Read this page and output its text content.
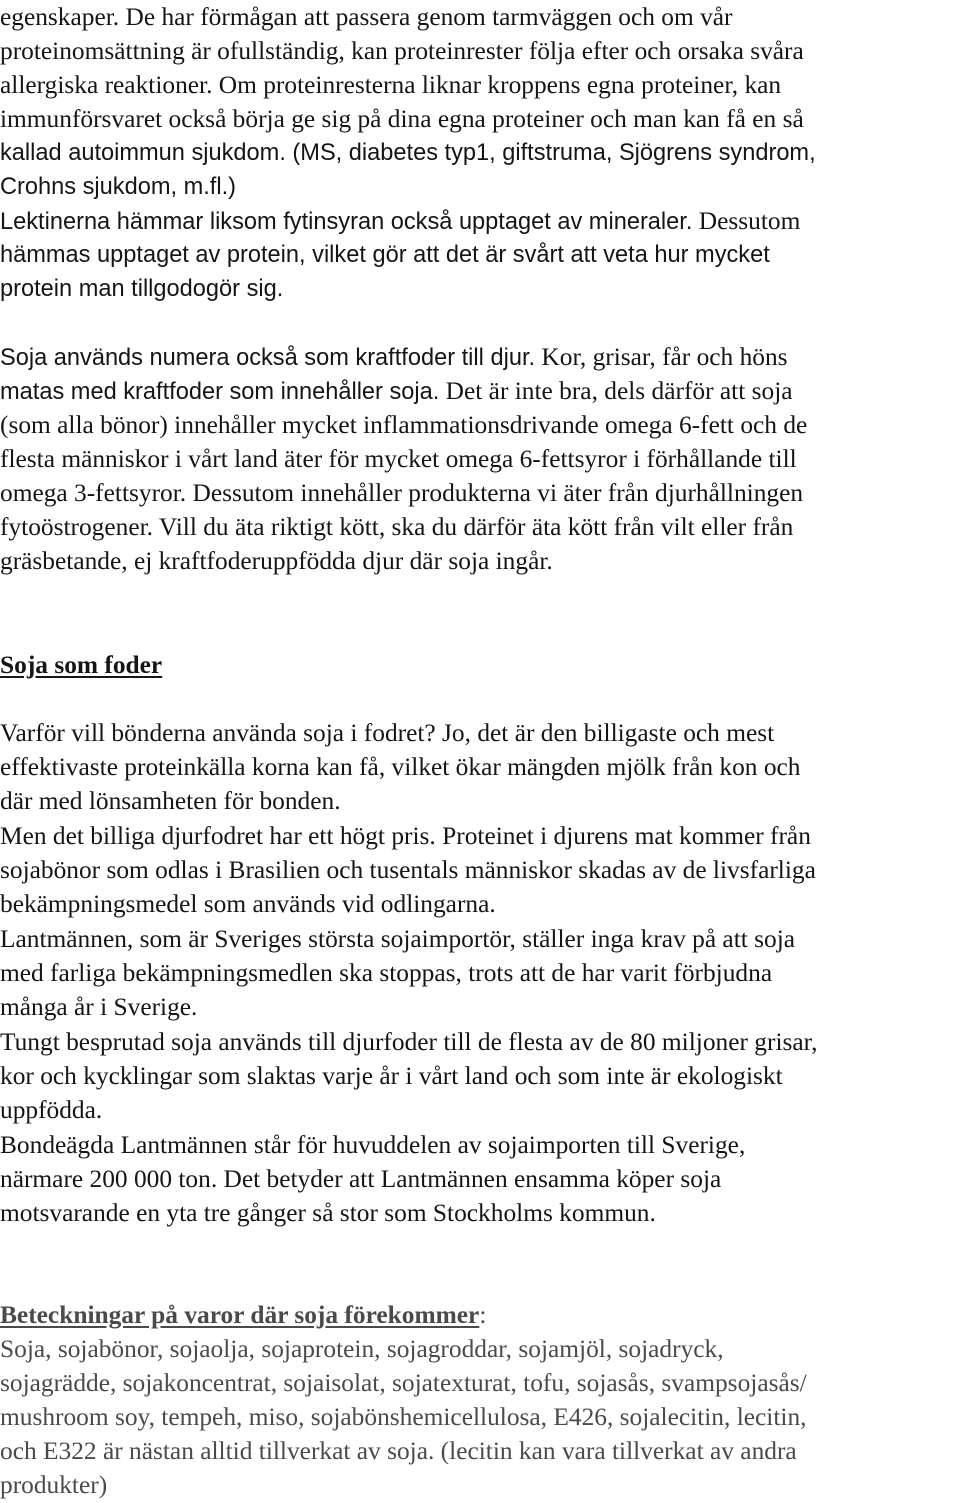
egenskaper. De har förmågan att passera genom tarmväggen och om vår

proteinomsättning är ofullständig, kan proteinrester följa efter och orsaka svåra

allergiska reaktioner. Om proteinresterna liknar kroppens egna proteiner, kan

immunförsvaret också börja ge sig på dina egna proteiner och man kan få en så

kallad autoimmun sjukdom. (MS, diabetes typ1, giftstruma, Sjögrens syndrom,

Crohns sjukdom, m.fl.)

Lektinerna hämmar liksom fytinsyran också upptaget av mineraler. Dessutom

hämmas upptaget av protein, vilket gör att det är svårt att veta hur mycket

protein man tillgodogör sig.

Soja används numera också som kraftfoder till djur. Kor, grisar, får och höns

matas med kraftfoder som innehåller soja. Det är inte bra, dels därför att soja

(som alla bönor) innehåller mycket inflammationsdrivande omega 6-fett och de

flesta människor i vårt land äter för mycket omega 6-fettsyror i förhållande till

omega 3-fettsyror. Dessutom innehåller produkterna vi äter från djurhållningen

fytoöstrogener. Vill du äta riktigt kött, ska du därför äta kött från vilt eller från

gräsbetande, ej kraftfoderuppfödda djur där soja ingår.

Soja som foder

Varför vill bönderna använda soja i fodret? Jo, det är den billigaste och mest

effektivaste proteinkälla korna kan få, vilket ökar mängden mjölk från kon och

där med lönsamheten för bonden.

Men det billiga djurfodret har ett högt pris. Proteinet i djurens mat kommer från

sojabönor som odlas i Brasilien och tusentals människor skadas av de livsfarliga

bekämpningsmedel som används vid odlingarna.

Lantmännen, som är Sveriges största sojaimportör, ställer inga krav på att soja

med farliga bekämpningsmedlen ska stoppas, trots att de har varit förbjudna

många år i Sverige.

Tungt besprutad soja används till djurfoder till de flesta av de 80 miljoner grisar,

kor och kycklingar som slaktas varje år i vårt land och som inte är ekologiskt

uppfödda.

Bondeägda Lantmännen står för huvuddelen av sojaimporten till Sverige,

närmare 200 000 ton. Det betyder att Lantmännen ensamma köper soja

motsvarande en yta tre gånger så stor som Stockholms kommun.

Beteckningar på varor där soja förekommer:

Soja, sojabönor, sojaolja, sojaprotein, sojagroddar, sojamjöl, sojadryck,

sojagrädde, sojakoncentrat, sojaisolat, sojatexturat, tofu, sojasås, svampsojasås/

mushroom soy, tempeh, miso, sojabönshemicellulosa, E426, sojalecitin, lecitin,

och E322 är nästan alltid tillverkat av soja. (lecitin kan vara tillverkat av andra

produkter)
